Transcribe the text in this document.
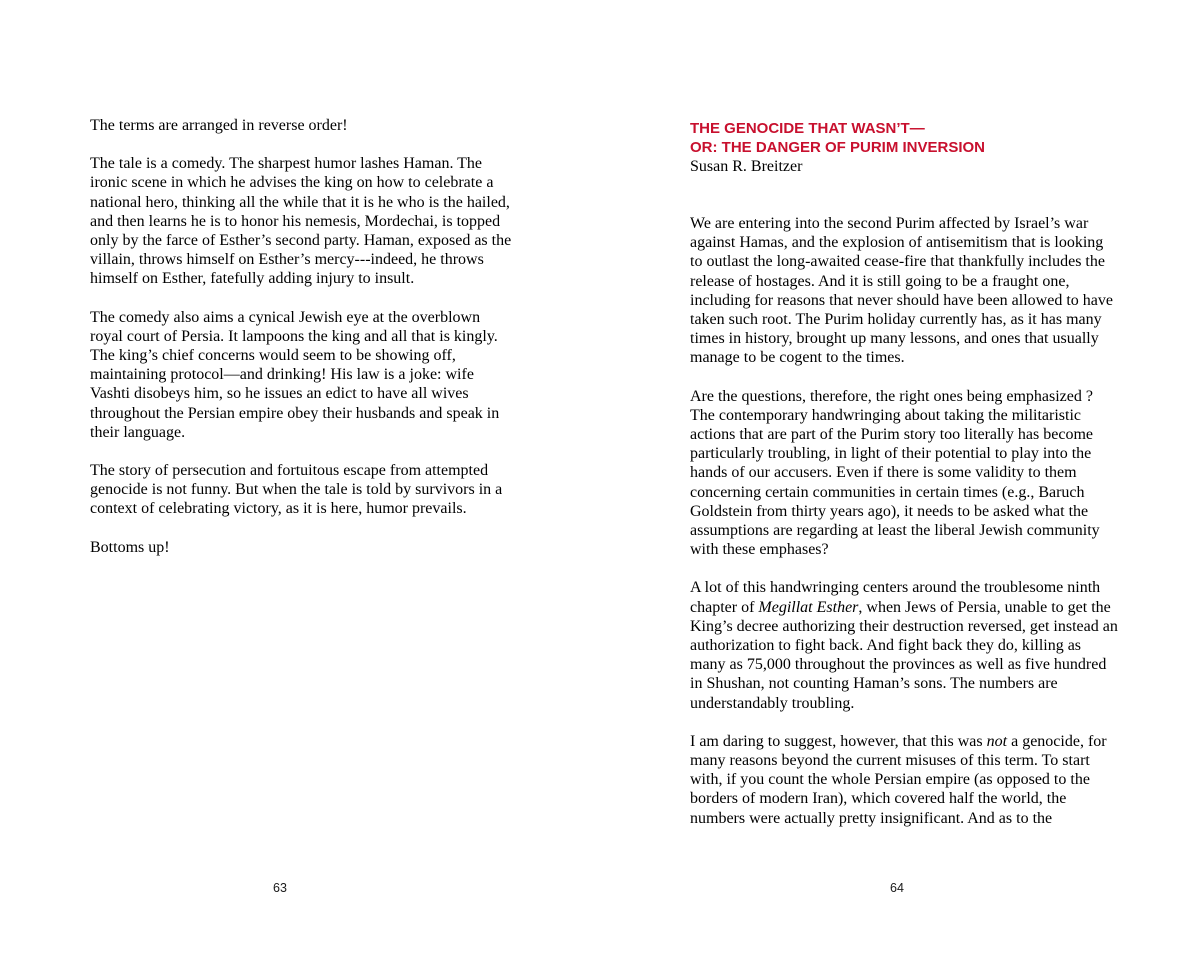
The terms are arranged in reverse order!

The tale is a comedy. The sharpest humor lashes Haman. The ironic scene in which he advises the king on how to celebrate a national hero, thinking all the while that it is he who is the hailed, and then learns he is to honor his nemesis, Mordechai, is topped only by the farce of Esther’s second party. Haman, exposed as the villain, throws himself on Esther’s mercy---indeed, he throws himself on Esther, fatefully adding injury to insult.

The comedy also aims a cynical Jewish eye at the overblown royal court of Persia. It lampoons the king and all that is kingly. The king’s chief concerns would seem to be showing off, maintaining protocol—and drinking! His law is a joke: wife Vashti disobeys him, so he issues an edict to have all wives throughout the Persian empire obey their husbands and speak in their language.

The story of persecution and fortuitous escape from attempted genocide is not funny. But when the tale is told by survivors in a context of celebrating victory, as it is here, humor prevails.

Bottoms up!

63
THE GENOCIDE THAT WASN’T—
OR: THE DANGER OF PURIM INVERSION

Susan R. Breitzer

We are entering into the second Purim affected by Israel’s war against Hamas, and the explosion of antisemitism that is looking to outlast the long-awaited cease-fire that thankfully includes the release of hostages. And it is still going to be a fraught one, including for reasons that never should have been allowed to have taken such root. The Purim holiday currently has, as it has many times in history, brought up many lessons, and ones that usually manage to be cogent to the times.

Are the questions, therefore, the right ones being emphasized ? The contemporary handwringing about taking the militaristic actions that are part of the Purim story too literally has become particularly troubling, in light of their potential to play into the hands of our accusers. Even if there is some validity to them concerning certain communities in certain times (e.g., Baruch Goldstein from thirty years ago), it needs to be asked what the assumptions are regarding at least the liberal Jewish community with these emphases?

A lot of this handwringing centers around the troublesome ninth chapter of Megillat Esther, when Jews of Persia, unable to get the King’s decree authorizing their destruction reversed, get instead an authorization to fight back. And fight back they do, killing as many as 75,000 throughout the provinces as well as five hundred in Shushan, not counting Haman’s sons. The numbers are understandably troubling.

I am daring to suggest, however, that this was not a genocide, for many reasons beyond the current misuses of this term. To start with, if you count the whole Persian empire (as opposed to the borders of modern Iran), which covered half the world, the numbers were actually pretty insignificant. And as to the

64
